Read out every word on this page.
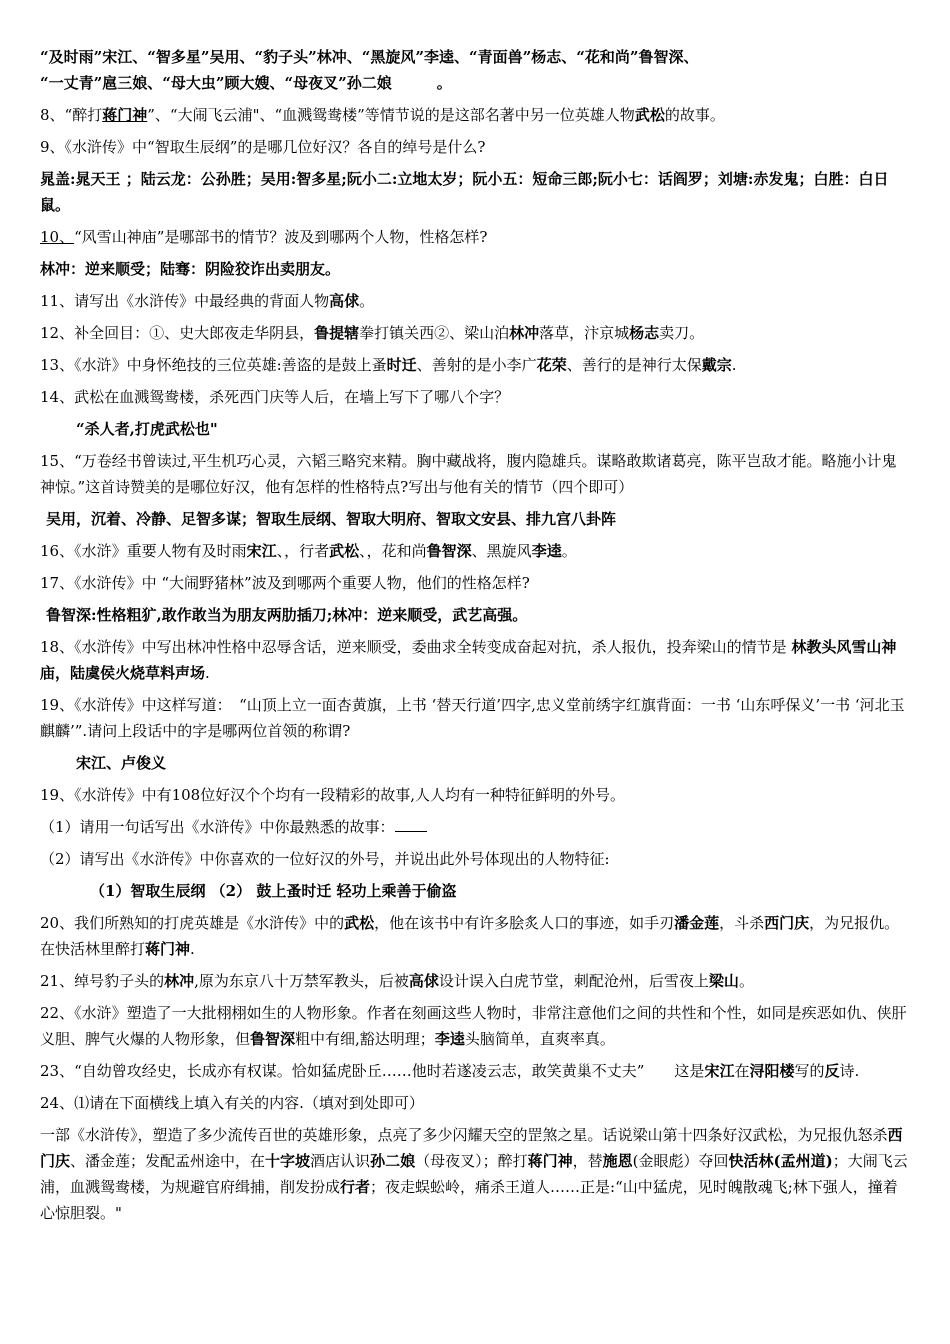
“及时雨”宋江、“智多星”吴用、“豹子头”林冲、“黑旋风”李逵、“青面兽”杨志、“花和尚”鲁智深、
“一丈青”扈三娘、“母大虫”顾大嫂、“母夜叉”孙二娘　　　。
8、“醉打蒋门神”、“大闹飞云浦"、“血溅鸳鸯楼”等情节说的是这部名著中另一位英雄人物武松的故事。
9、《水浒传》中“智取生辰纲”的是哪几位好汉？各自的绰号是什么?
晁盖:晁天王 ；陆云龙：公孙胜；吴用:智多星;阮小二:立地太岁；阮小五：短命三郎;阮小七：话阎罗；刘塘:赤发鬼；白胜：白日鼠。
10、“风雪山神庙”是哪部书的情节？波及到哪两个人物，性格怎样?
林冲：逆来顺受；陆骞：阴险狡诈出卖朋友。
11、请写出《水浒传》中最经典的背面人物高俅。
12、补全回目：①、史大郎夜走华阴县，鲁提辖拳打镇关西②、梁山泊林冲落草，汴京城杨志卖刀。
13、《水浒》中身怀绝技的三位英雄:善盗的是鼓上蚤时迁、善射的是小李广花荣、善行的是神行太保戴宗.
14、武松在血溅鸳鸯楼，杀死西门庆等人后，在墙上写下了哪八个字？
“杀人者,打虎武松也"
15、“万卷经书曾读过,平生机巧心灵，六韬三略究来精。胸中藏战将，腹内隐雄兵。谋略敢欺诸葛亮，陈平岂敌才能。略施小计鬼神惊。”这首诗赞美的是哪位好汉，他有怎样的性格特点?写出与他有关的情节（四个即可）
吴用，沉着、冷静、足智多谋；智取生辰纲、智取大明府、智取文安县、排九宫八卦阵
16、《水浒》重要人物有及时雨宋江、，行者武松、，花和尚鲁智深、黑旋风李逵。
17、《水浒传》中 “大闹野猪林”波及到哪两个重要人物，他们的性格怎样?
鲁智深:性格粗犷,敢作敢当为朋友两肋插刀;林冲：逆来顺受，武艺高强。
18、《水浒传》中写出林冲性格中忍辱含话，逆来顺受，委曲求全转变成奋起对抗，杀人报仇，投奔梁山的情节是 林教头风雪山神庙，陆虞侯火烧草料声场.
19、《水浒传》中这样写道：　“山顶上立一面杏黄旗，上书 ‘替天行道’四字,忠义堂前绣字红旗背面：一书 ‘山东呼保义’一书 ‘河北玉麒麟’”.请问上段话中的字是哪两位首领的称谓?
宋江、卢俊义
19、《水浒传》中有108位好汉个个均有一段精彩的故事,人人均有一种特征鲜明的外号。
（1）请用一句话写出《水浒传》中你最熟悉的故事：
（2）请写出《水浒传》中你喜欢的一位好汉的外号，并说出此外号体现出的人物特征:
（1）智取生辰纲 （2） 鼓上蚤时迁 轻功上乘善于偷盗
20、我们所熟知的打虎英雄是《水浒传》中的武松，他在该书中有许多脍炙人口的事迹，如手刃潘金莲，斗杀西门庆，为兄报仇。在快活林里醉打蒋门神.
21、绰号豹子头的林冲,原为东京八十万禁军教头，后被高俅设计误入白虎节堂，刺配沧州，后雪夜上梁山。
22、《水浒》塑造了一大批栩栩如生的人物形象。作者在刻画这些人物时，非常注意他们之间的共性和个性，如同是疾恶如仇、侠肝义胆、脾气火爆的人物形象，但鲁智深粗中有细,豁达明理；李逵头脑简单，直爽率真。
23、“自幼曾攻经史，长成亦有权谋。恰如猛虎卧丘……他时若遂凌云志，敢笑黄巢不丈夫”　　这是宋江在浔阳楼写的反诗.
24、⑴请在下面横线上填入有关的内容.（填对到处即可）
一部《水浒传》，塑造了多少流传百世的英雄形象，点亮了多少闪耀天空的罡煞之星。话说梁山第十四条好汉武松，为兄报仇怒杀西门庆、潘金莲；发配孟州途中，在十字坡酒店认识孙二娘（母夜叉）；醉打蒋门神，替施恩(金眼彪）夺回快活林(孟州道)；大闹飞云浦，血溅鸳鸯楼，为规避官府缉捕，削发扮成行者；夜走蜈蚣岭，痛杀王道人……正是:“山中猛虎，见时魄散魂飞;林下强人，撞着心惊胆裂。"
